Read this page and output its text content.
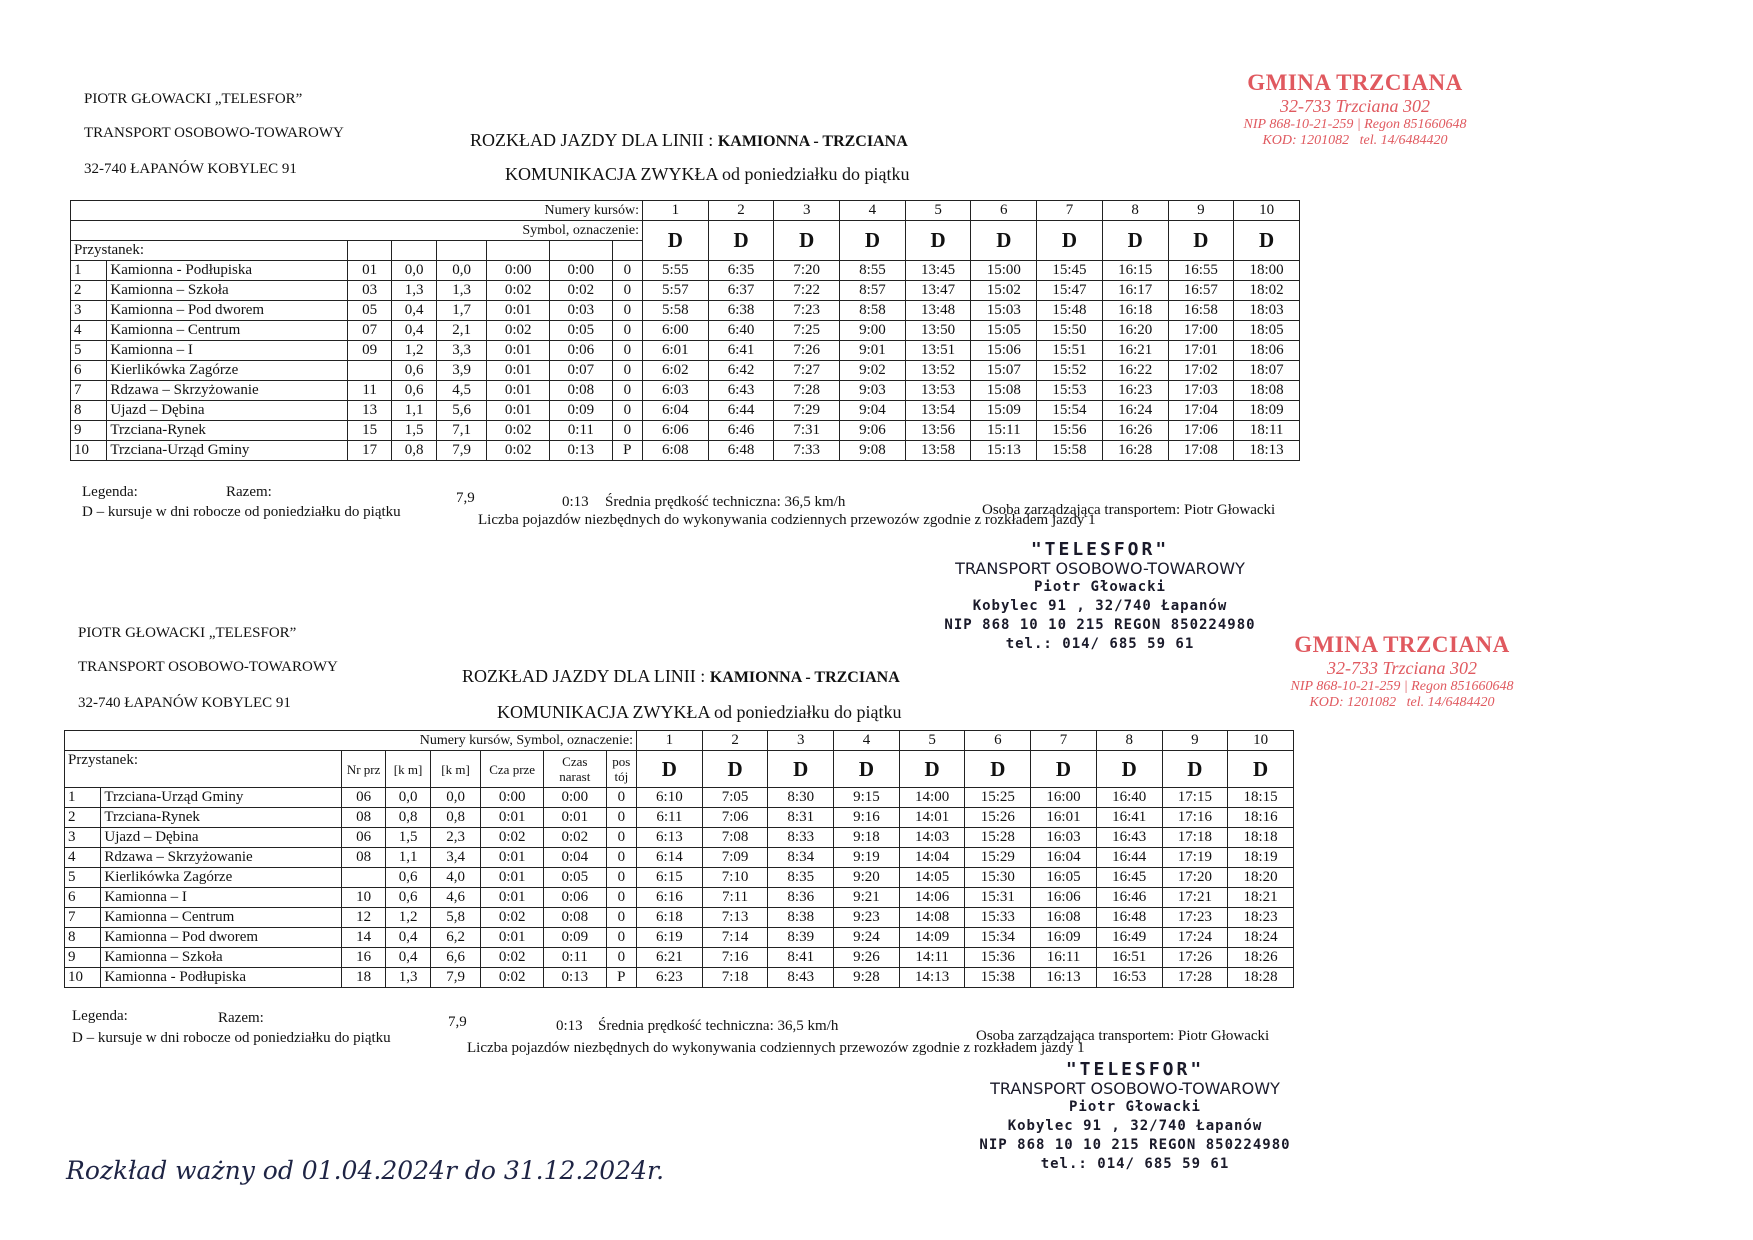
PIOTR GŁOWACKI „TELESFOR”
TRANSPORT OSOBOWO-TOWAROWY
32-740 ŁAPANÓW KOBYLEC 91
ROZKŁAD JAZDY DLA LINII : KAMIONNA - TRZCIANA
KOMUNIKACJA ZWYKŁA od poniedziałku do piątku
GMINA TRZCIANA
32-733 Trzciana 302
NIP 868-10-21-259 | Regon 851660648
KOD: 1201082 tel. 14/6484420
Numery kursów:								1	2	3	4	5	6	7	8	9	10
Symbol, oznaczenie:								D	D	D	D	D	D	D	D	D	D
Przystanek:																	
1	Kamionna - Podłupiska	01	0,0	0,0	0:00	0:00	0	5:55	6:35	7:20	8:55	13:45	15:00	15:45	16:15	16:55	18:00
2	Kamionna – Szkoła	03	1,3	1,3	0:02	0:02	0	5:57	6:37	7:22	8:57	13:47	15:02	15:47	16:17	16:57	18:02
3	Kamionna – Pod dworem	05	0,4	1,7	0:01	0:03	0	5:58	6:38	7:23	8:58	13:48	15:03	15:48	16:18	16:58	18:03
4	Kamionna – Centrum	07	0,4	2,1	0:02	0:05	0	6:00	6:40	7:25	9:00	13:50	15:05	15:50	16:20	17:00	18:05
5	Kamionna – I	09	1,2	3,3	0:01	0:06	0	6:01	6:41	7:26	9:01	13:51	15:06	15:51	16:21	17:01	18:06
6	Kierlikówka Zagórze		0,6	3,9	0:01	0:07	0	6:02	6:42	7:27	9:02	13:52	15:07	15:52	16:22	17:02	18:07
7	Rdzawa – Skrzyżowanie	11	0,6	4,5	0:01	0:08	0	6:03	6:43	7:28	9:03	13:53	15:08	15:53	16:23	17:03	18:08
8	Ujazd – Dębina	13	1,1	5,6	0:01	0:09	0	6:04	6:44	7:29	9:04	13:54	15:09	15:54	16:24	17:04	18:09
9	Trzciana-Rynek	15	1,5	7,1	0:02	0:11	0	6:06	6:46	7:31	9:06	13:56	15:11	15:56	16:26	17:06	18:11
10	Trzciana-Urząd Gminy	17	0,8	7,9	0:02	0:13	P	6:08	6:48	7:33	9:08	13:58	15:13	15:58	16:28	17:08	18:13
Legenda:	Razem:	7,9	0:13 Średnia prędkość techniczna: 36,5 km/h	Osoba zarządzająca transportem: Piotr Głowacki
D – kursuje w dni robocze od poniedziałku do piątku	Liczba pojazdów niezbędnych do wykonywania codziennych przewozów zgodnie z rozkładem jazdy 1
"TELESFOR"
TRANSPORT OSOBOWO-TOWAROWY
Piotr Głowacki
Kobylec 91 , 32/740 Łapanów
NIP 868 10 10 215 REGON 850224980
tel.: 014/ 685 59 61
PIOTR GŁOWACKI „TELESFOR”
TRANSPORT OSOBOWO-TOWAROWY
32-740 ŁAPANÓW KOBYLEC 91
ROZKŁAD JAZDY DLA LINII : KAMIONNA - TRZCIANA
KOMUNIKACJA ZWYKŁA od poniedziałku do piątku
GMINA TRZCIANA
32-733 Trzciana 302
NIP 868-10-21-259 | Regon 851660648
KOD: 1201082 tel. 14/6484420
Numery kursów, Symbol, oznaczenie:								1	2	3	4	5	6	7	8	9	10
Przystanek:		Nr prz	[k m]	[k m]	Cza prze	Czas narast	pos tój	D	D	D	D	D	D	D	D	D	D
1	Trzciana-Urząd Gminy	06	0,0	0,0	0:00	0:00	0	6:10	7:05	8:30	9:15	14:00	15:25	16:00	16:40	17:15	18:15
2	Trzciana-Rynek	08	0,8	0,8	0:01	0:01	0	6:11	7:06	8:31	9:16	14:01	15:26	16:01	16:41	17:16	18:16
3	Ujazd – Dębina	06	1,5	2,3	0:02	0:02	0	6:13	7:08	8:33	9:18	14:03	15:28	16:03	16:43	17:18	18:18
4	Rdzawa – Skrzyżowanie	08	1,1	3,4	0:01	0:04	0	6:14	7:09	8:34	9:19	14:04	15:29	16:04	16:44	17:19	18:19
5	Kierlikówka Zagórze		0,6	4,0	0:01	0:05	0	6:15	7:10	8:35	9:20	14:05	15:30	16:05	16:45	17:20	18:20
6	Kamionna – I	10	0,6	4,6	0:01	0:06	0	6:16	7:11	8:36	9:21	14:06	15:31	16:06	16:46	17:21	18:21
7	Kamionna – Centrum	12	1,2	5,8	0:02	0:08	0	6:18	7:13	8:38	9:23	14:08	15:33	16:08	16:48	17:23	18:23
8	Kamionna – Pod dworem	14	0,4	6,2	0:01	0:09	0	6:19	7:14	8:39	9:24	14:09	15:34	16:09	16:49	17:24	18:24
9	Kamionna – Szkoła	16	0,4	6,6	0:02	0:11	0	6:21	7:16	8:41	9:26	14:11	15:36	16:11	16:51	17:26	18:26
10	Kamionna - Podłupiska	18	1,3	7,9	0:02	0:13	P	6:23	7:18	8:43	9:28	14:13	15:38	16:13	16:53	17:28	18:28
Legenda:	Razem:	7,9	0:13 Średnia prędkość techniczna: 36,5 km/h
Osoba zarządzająca transportem: Piotr Głowacki
D – kursuje w dni robocze od poniedziałku do piątku
Liczba pojazdów niezbędnych do wykonywania codziennych przewozów zgodnie z rozkładem jazdy 1
"TELESFOR"
TRANSPORT OSOBOWO-TOWAROWY
Piotr Głowacki
Kobylec 91 , 32/740 Łapanów
NIP 868 10 10 215 REGON 850224980
tel.: 014/ 685 59 61
Rozkład ważny od 01.04.2024r do 31.12.2024r.
